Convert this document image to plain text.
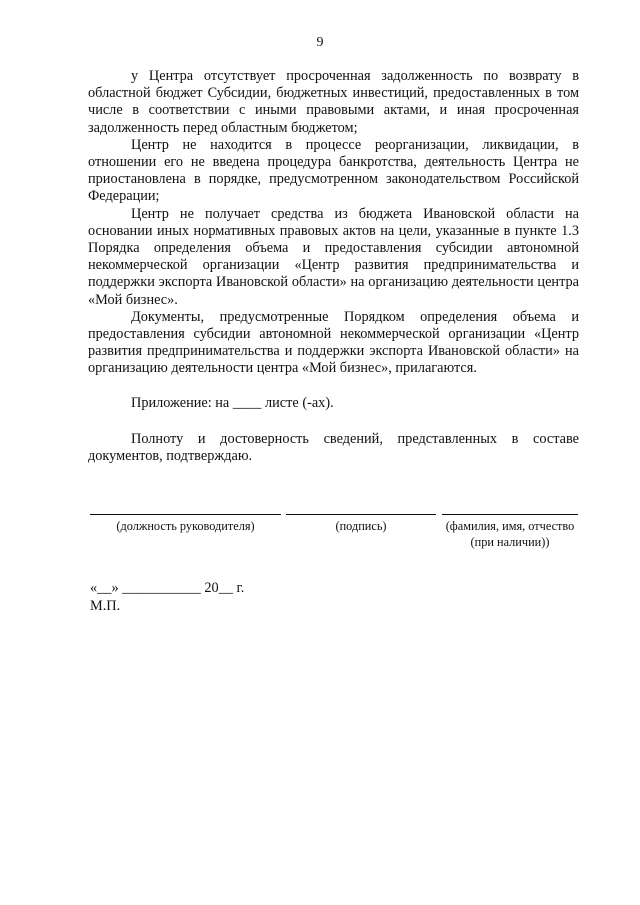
9

у Центра отсутствует просроченная задолженность по возврату в областной бюджет Субсидии, бюджетных инвестиций, предоставленных в том числе в соответствии с иными правовыми актами, и иная просроченная задолженность перед областным бюджетом;

Центр не находится в процессе реорганизации, ликвидации, в отношении его не введена процедура банкротства, деятельность Центра не приостановлена в порядке, предусмотренном законодательством Российской Федерации;

Центр не получает средства из бюджета Ивановской области на основании иных нормативных правовых актов на цели, указанные в пункте 1.3 Порядка определения объема и предоставления субсидии автономной некоммерческой организации «Центр развития предпринимательства и поддержки экспорта Ивановской области» на организацию деятельности центра «Мой бизнес».

Документы, предусмотренные Порядком определения объема и предоставления субсидии автономной некоммерческой организации «Центр развития предпринимательства и поддержки экспорта Ивановской области» на организацию деятельности центра «Мой бизнес», прилагаются.

Приложение: на ____ листе (-ах).

Полноту и достоверность сведений, представленных в составе документов, подтверждаю.

(должность руководителя)	(подпись)	(фамилия, имя, отчество (при наличии))
«__» ___________ 20__ г.
М.П.
